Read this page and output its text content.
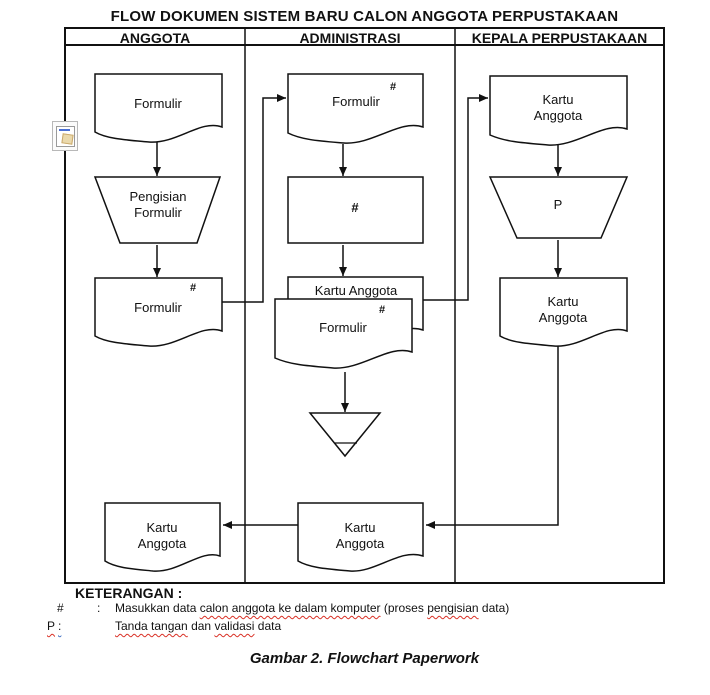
FLOW DOKUMEN SISTEM BARU CALON ANGGOTA PERPUSTAKAAN
ANGGOTA	ADMINISTRASI	KEPALA PERPUSTAKAAN
Formulir
Pengisian Formulir
Formulir
#
Formulir
#
#
Kartu Anggota
Formulir
#
Kartu Anggota
P
Kartu Anggota
Kartu Anggota
Kartu Anggota
KETERANGAN :
#	: Masukkan data calon anggota ke dalam komputer (proses pengisian data)
P :	Tanda tangan dan validasi data
Gambar 2. Flowchart Paperwork
